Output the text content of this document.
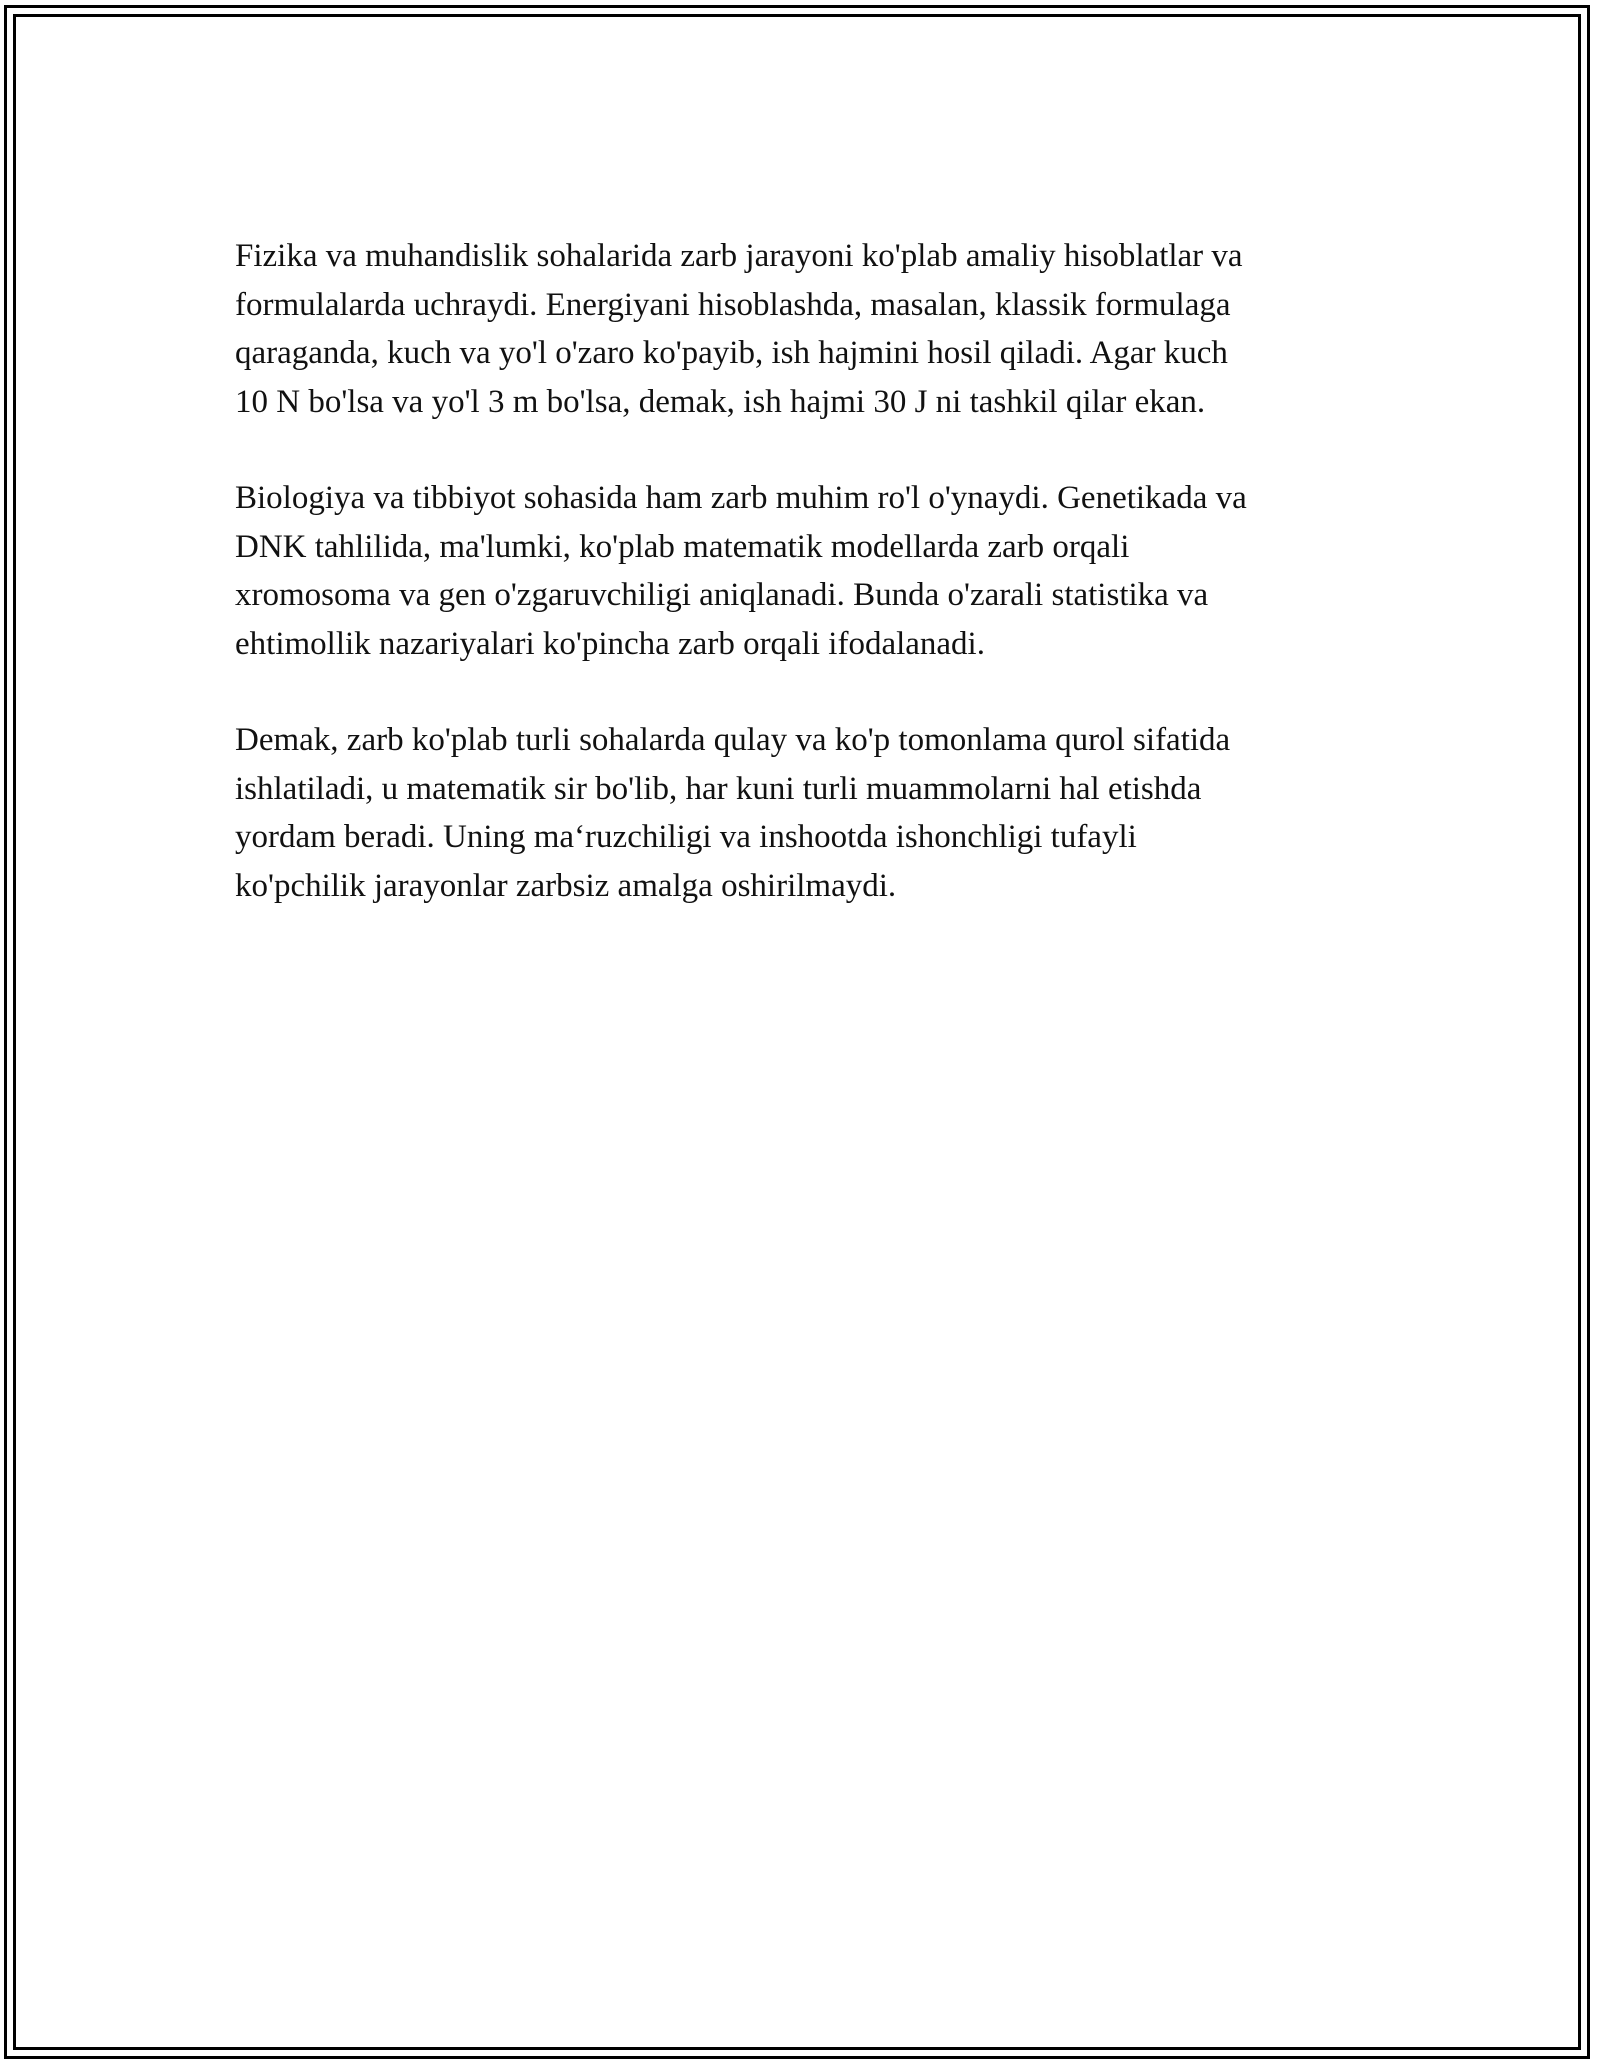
Fizika va muhandislik sohalarida zarb jarayoni ko'plab amaliy hisoblatlar va
formulalarda uchraydi. Energiyani hisoblashda, masalan, klassik formulaga
qaraganda, kuch va yo'l o'zaro ko'payib, ish hajmini hosil qiladi. Agar kuch
10 N bo'lsa va yo'l 3 m bo'lsa, demak, ish hajmi 30 J ni tashkil qilar ekan.

Biologiya va tibbiyot sohasida ham zarb muhim ro'l o'ynaydi. Genetikada va
DNK tahlilida, ma'lumki, ko'plab matematik modellarda zarb orqali
xromosoma va gen o'zgaruvchiligi aniqlanadi. Bunda o'zarali statistika va
ehtimollik nazariyalari ko'pincha zarb orqali ifodalanadi.

Demak, zarb ko'plab turli sohalarda qulay va ko'p tomonlama qurol sifatida
ishlatiladi, u matematik sir bo'lib, har kuni turli muammolarni hal etishda
yordam beradi. Uning ma‘ruzchiligi va inshootda ishonchligi tufayli
ko'pchilik jarayonlar zarbsiz amalga oshirilmaydi.
